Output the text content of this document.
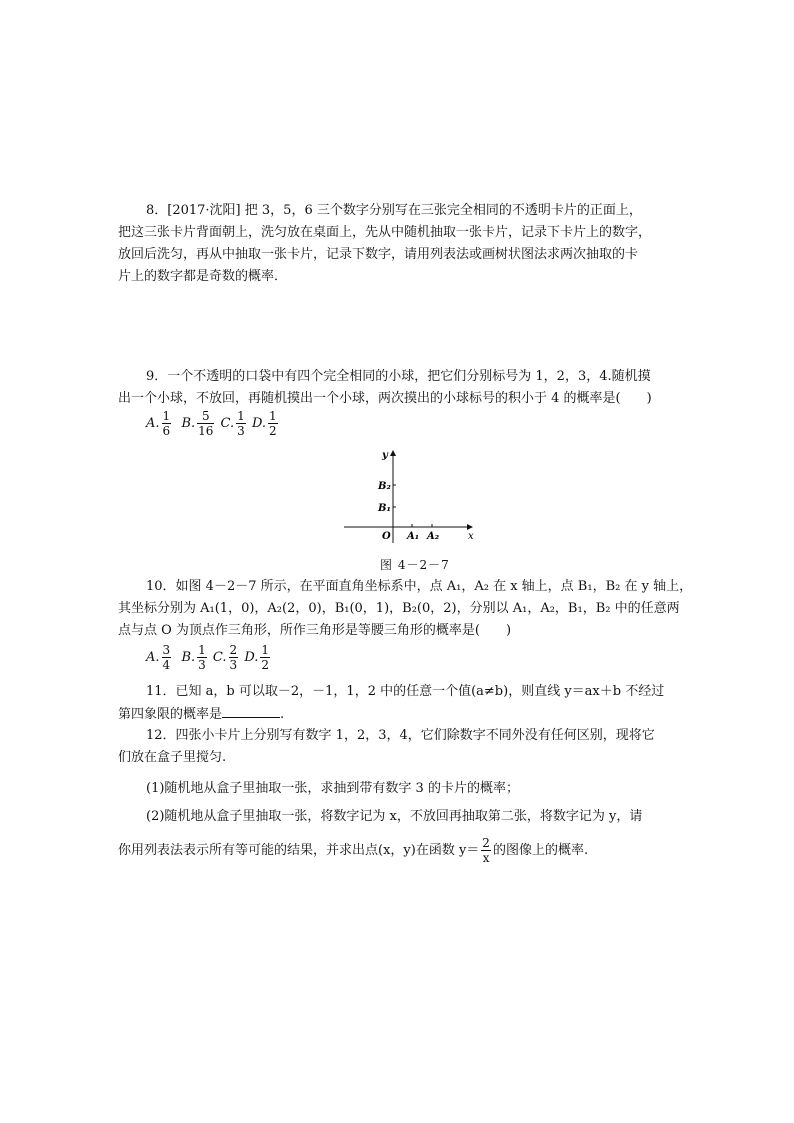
8．[2017·沈阳] 把 3，5，6 三个数字分别写在三张完全相同的不透明卡片的正面上，
把这三张卡片背面朝上，洗匀放在桌面上，先从中随机抽取一张卡片，记录下卡片上的数字，
放回后洗匀，再从中抽取一张卡片，记录下数字，请用列表法或画树状图法求两次抽取的卡
片上的数字都是奇数的概率．
9．一个不透明的口袋中有四个完全相同的小球，把它们分别标号为 1，2，3，4.随机摸
出一个小球，不放回，再随机摸出一个小球，两次摸出的小球标号的积小于 4 的概率是(　　)
A. $\frac{1}{6} B$. $\frac{5}{16} C$. $\frac{1}{3} D$. $\frac{1}{2}$
y
x
O A₁ A₂
B₂
B₁
图 4－2－7
10．如图 4－2－7 所示，在平面直角坐标系中，点 A₁，A₂ 在 x 轴上，点 B₁，B₂ 在 y 轴上，
其坐标分别为 A₁(1，0)，A₂(2，0)，B₁(0，1)，B₂(0，2)，分别以 A₁，A₂，B₁，B₂ 中的任意两
点与点 O 为顶点作三角形，所作三角形是等腰三角形的概率是(　　)
A. $\frac{3}{4} B$. $\frac{1}{3} C$. $\frac{2}{3} D$. $\frac{1}{2}$
11．已知 a，b 可以取－2，－1，1，2 中的任意一个值(a≠b)，则直线 y＝ax＋b 不经过
第四象限的概率是	.
12．四张小卡片上分别写有数字 1，2，3，4，它们除数字不同外没有任何区别，现将它
们放在盒子里搅匀.
(1)随机地从盒子里抽取一张，求抽到带有数字 3 的卡片的概率；
(2)随机地从盒子里抽取一张，将数字记为 x，不放回再抽取第二张，将数字记为 y，请
你用列表法表示所有等可能的结果，并求出点(x，y)在函数 $y= \frac{2}{x}$ 的图像上的概率.
